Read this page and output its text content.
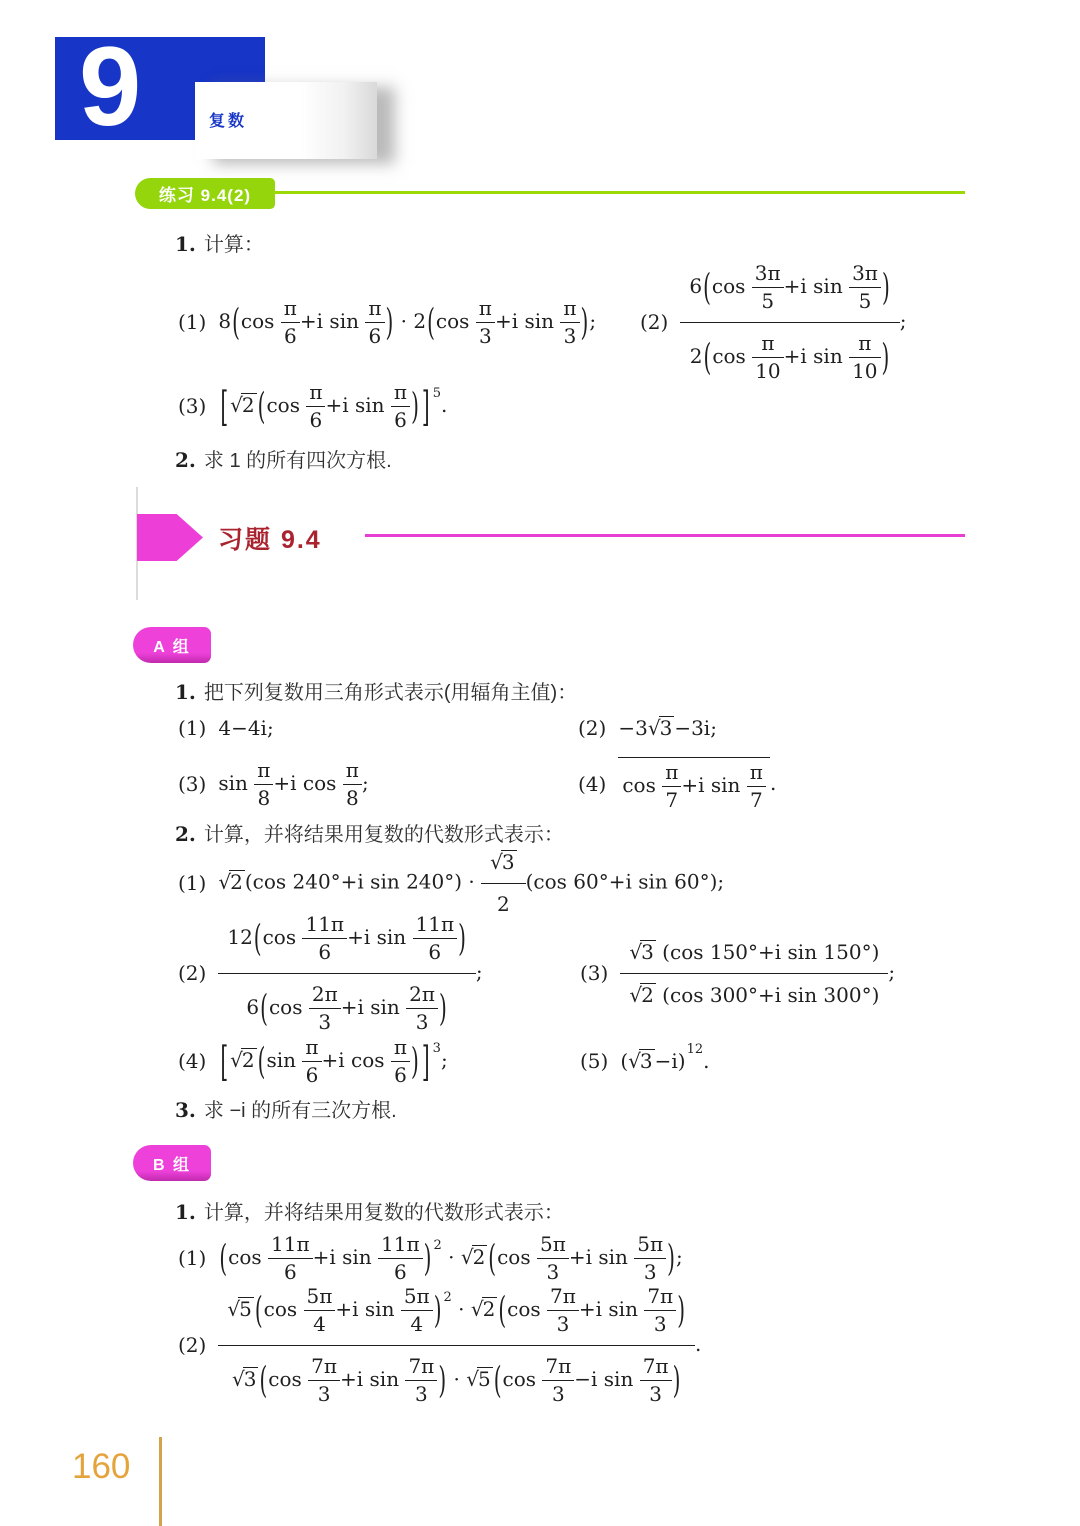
9	复数
练习 9.4(2)
1. 计算：
(1) $8(\cos \frac{\pi}{6} +i$ $\sin \frac{\pi}{6}$ ) · $2(\cos \frac{\pi}{3} +i$ $\sin \frac{\pi}{3}$ ); $(2) \frac{6(\cos \frac{3\pi}{5} +i \sin \frac{3\pi}{5} )}{2(\cos \frac{\pi}{10} +i \sin \frac{\pi}{10} )}$ ;
(3) [ √2 ($\cos \frac{\pi}{6} +i$ $\sin \frac{\pi}{6}$ ) ] 5.
2. 求 1 的所有四次方根.
习题 9.4
A 组
1. 把下列复数用三角形式表示(用辐角主值)：
(1) 4−4i;	(2) −3√3 −3i;
(3) $\sin \frac{\pi}{8} +i$ $\cos \frac{\pi}{8}$ ;	(4) $\cos \frac{\pi}{7} +i$ $\sin \frac{\pi}{7}$ .
2. 计算，并将结果用复数的代数形式表示：
(1) √2 (cos 240°+i $\sin 240^\circ) \cdot \frac{√3}{2} (\cos$ 60°+i sin 60°);
$(2) \frac{12(\cos \frac{11\pi}{6} +i \sin \frac{11\pi}{6} )}{6(\cos \frac{2\pi}{3} +i \sin \frac{2\pi}{3} )}$ ;	$(3) \frac{\text{√3 (cos 150°+i sin 150°)}}{\text{√2 (cos 300°+i sin 300°)}}$ ;
(4) [ √2 ($\sin \frac{\pi}{6} +i$ $\cos \frac{\pi}{6}$ ) ] 3;	(5) (√3 −i)12.
3. 求 −i 的所有三次方根.
B 组
1. 计算，并将结果用复数的代数形式表示：
(1) ($\cos \frac{11\pi}{6} +i$ $\sin \frac{11\pi}{6}$ ) 2 · √2 ($\cos \frac{5\pi}{3} +i$ $\sin \frac{5\pi}{3}$ );
$(2) \frac{√5 (\cos \frac{5\pi}{4} +i \sin \frac{5\pi}{4} ) 2 \cdot √2 (\cos \frac{7\pi}{3} +i \sin \frac{7\pi}{3} )}{√3 (\cos \frac{7\pi}{3} +i \sin \frac{7\pi}{3} ) \cdot √5 (\cos \frac{7\pi}{3} -i \sin \frac{7\pi}{3} )}$ .
160
